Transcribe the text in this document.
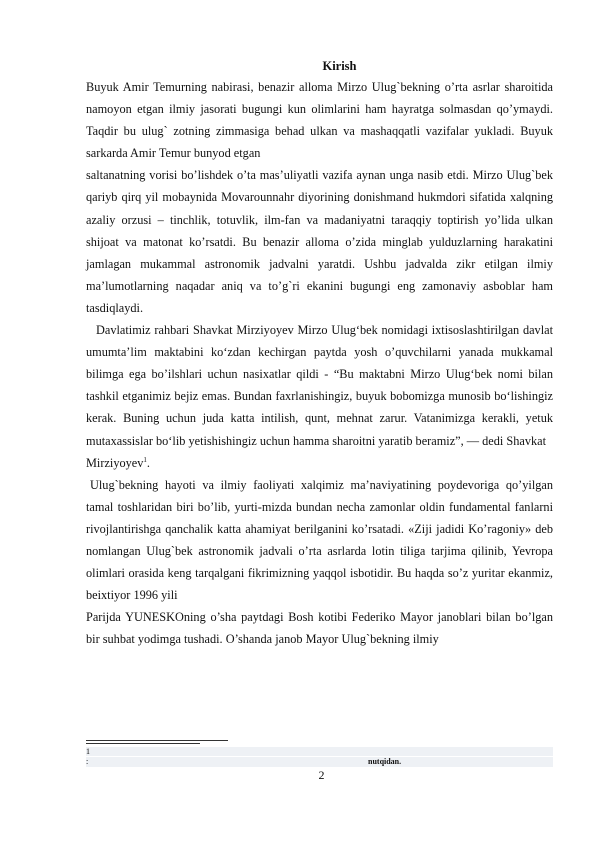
Kirish

Buyuk Amir Temurning nabirasi, benazir alloma Mirzo Ulug`bekning o’rta asrlar sharoitida namoyon etgan ilmiy jasorati bugungi kun olimlarini ham hayratga solmasdan qo’ymaydi. Taqdir bu ulug` zotning zimmasiga behad ulkan va mashaqqatli vazifalar yukladi. Buyuk sarkarda Amir Temur bunyod etgan

saltanatning vorisi bo’lishdek o’ta mas’uliyatli vazifa aynan unga nasib etdi. Mirzo Ulug`bek qariyb qirq yil mobaynida Movarounnahr diyorining donishmand hukmdori sifatida xalqning azaliy orzusi – tinchlik, totuvlik, ilm-fan va madaniyatni taraqqiy toptirish yo’lida ulkan shijoat va matonat ko’rsatdi. Bu benazir alloma o’zida minglab yulduzlarning harakatini jamlagan mukammal astronomik jadvalni yaratdi. Ushbu jadvalda zikr etilgan ilmiy ma’lumotlarning naqadar aniq va to’g`ri ekanini bugungi eng zamonaviy asboblar ham tasdiqlaydi.

Davlatimiz rahbari Shavkat Mirziyoyev Mirzo Ulug‘bek nomidagi ixtisoslashtirilgan davlat umumta’lim maktabini ko‘zdan kechirgan paytda yosh o’quvchilarni yanada mukkamal bilimga ega bo’ilshlari uchun nasixatlar qildi - “Bu maktabni Mirzo Ulug‘bek nomi bilan tashkil etganimiz bejiz emas. Bundan faxrlanishingiz, buyuk bobomizga munosib bo‘lishingiz kerak. Buning uchun juda katta intilish, qunt, mehnat zarur. Vatanimizga kerakli, yetuk mutaxassislar bo‘lib yetishishingiz uchun hamma sharoitni yaratib beramiz”, — dedi Shavkat

Mirziyoyev$^1$.

Ulug`bekning hayoti va ilmiy faoliyati xalqimiz ma’naviyatining poydevoriga qo’yilgan tamal toshlaridan biri bo’lib, yurti-mizda bundan necha zamonlar oldin fundamental fanlarni rivojlantirishga qanchalik katta ahamiyat berilganini ko’rsatadi. «Ziji jadidi Ko’ragoniy» deb nomlangan Ulug`bek astronomik jadvali o’rta asrlarda lotin tiliga tarjima qilinib, Yevropa olimlari orasida keng tarqalgani fikrimizning yaqqol isbotidir. Bu haqda so’z yuritar ekanmiz, beixtiyor 1996 yili

Parijda YUNESKOning o’sha paytdagi Bosh kotibi Federiko Mayor janoblari bilan bo’lgan bir suhbat yodimga tushadi. O’shanda janob Mayor Ulug`bekning ilmiy

1
:	nutqidan.
2
